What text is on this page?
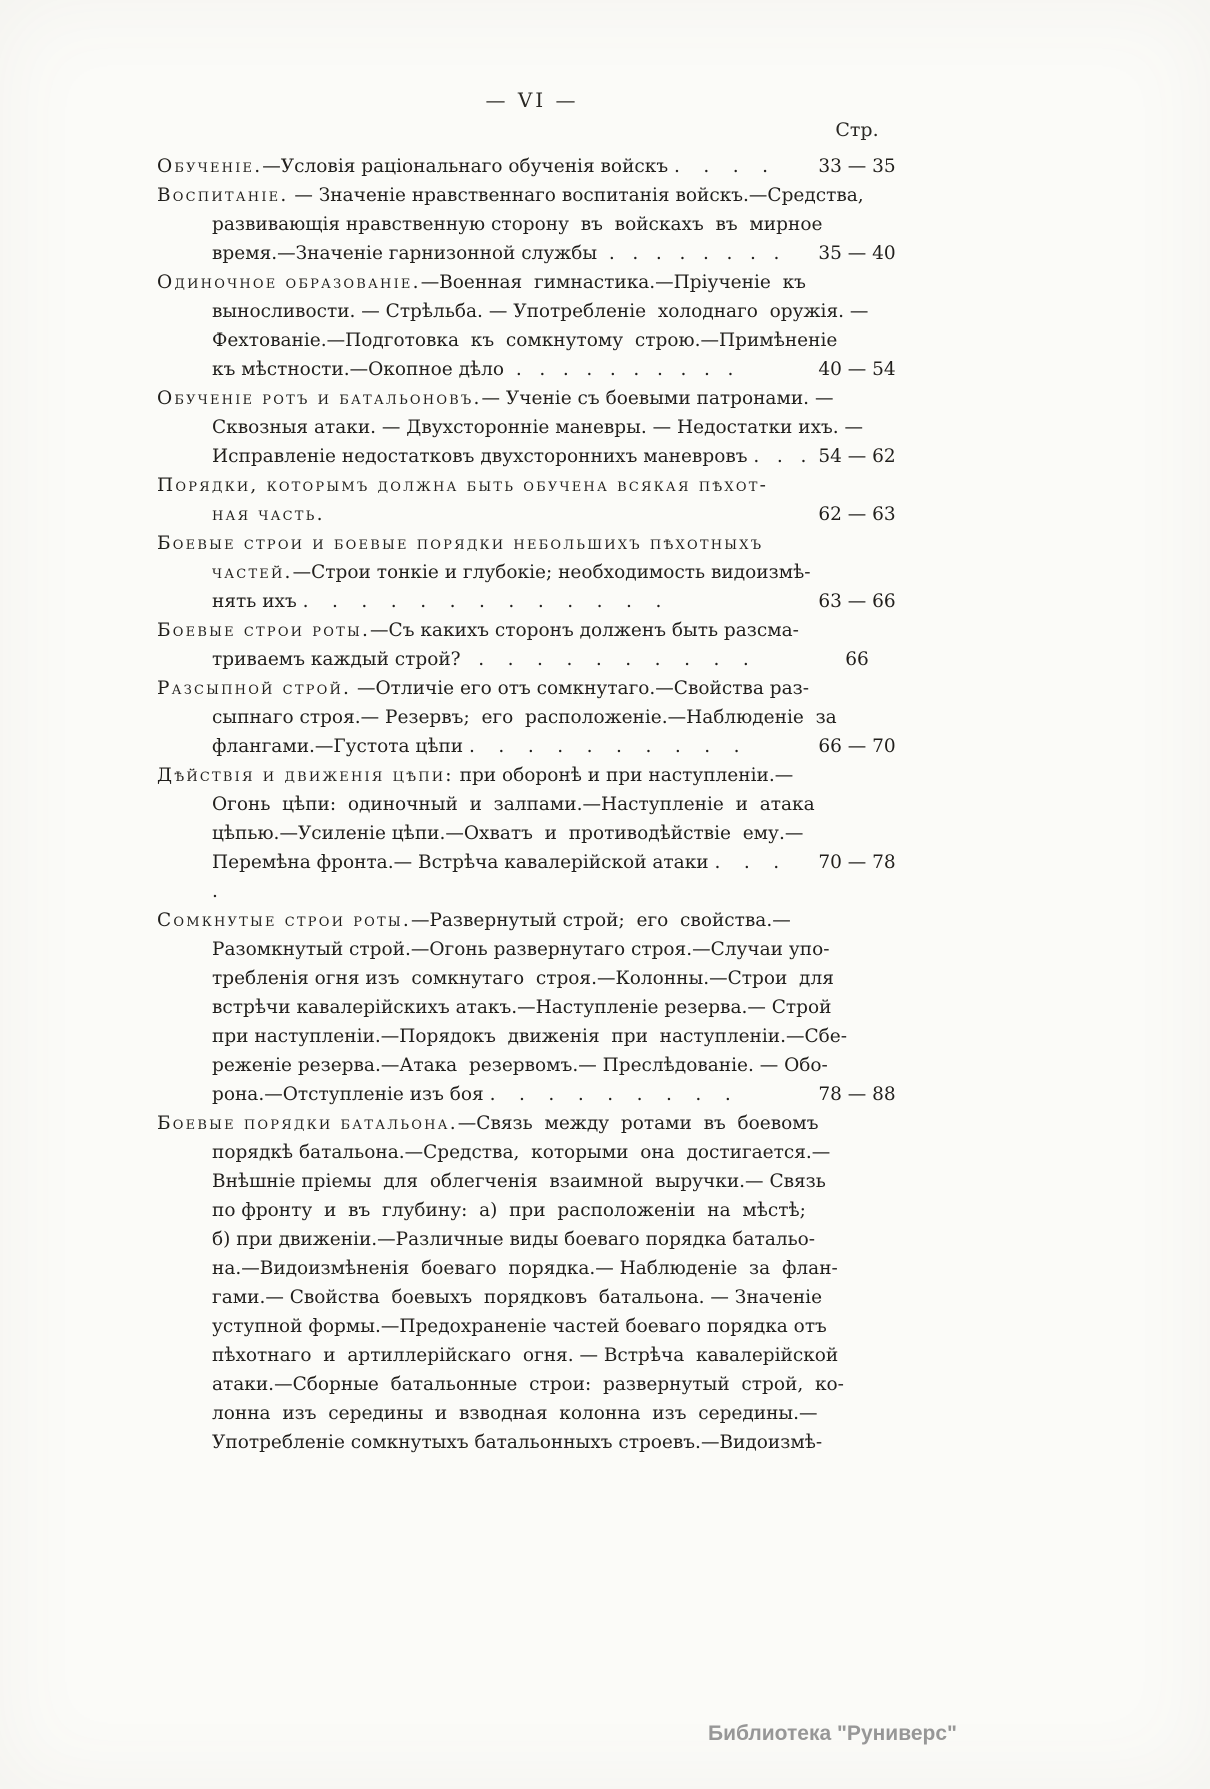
— VI —
Стр.
Обученіе.—Условія раціональнаго обученія войскъ .    .    .    .	33 — 35
Воспитаніе. — Значеніе нравственнаго воспитанія войскъ.—Средства,
развивающія нравственную сторону  въ  войскахъ  въ  мирное
время.—Значеніе гарнизонной службы  .   .   .   .   .   .   .   .	35 — 40
Одиночное образованіе.—Военная  гимнастика.—Пріученіе  къ
выносливости. — Стрѣльба. — Употребленіе  холоднаго  оружія. —
Фехтованіе.—Подготовка  къ  сомкнутому  строю.—Примѣненіе
къ мѣстности.—Окопное дѣло  .   .   .   .   .   .   .   .   .   .	40 — 54
Обученіе ротъ и батальоновъ.— Ученіе съ боевыми патронами. —
Сквозныя атаки. — Двухсторонніе маневры. — Недостатки ихъ. —
Исправленіе недостатковъ двухстороннихъ маневровъ .   .   . 54 — 62
Порядки, которымъ должна быть обучена всякая пѣхот-
ная часть.	62 — 63
Боевые строи и боевые порядки небольшихъ пѣхотныхъ
частей.—Строи тонкіе и глубокіе; необходимость видоизмѣ-
нять ихъ .    .    .    .    .    .    .    .    .    .    .    .    .	63 — 66
Боевые строи роты.—Съ какихъ сторонъ долженъ быть разсма-
триваемъ каждый строй?   .    .    .    .    .    .    .    .    .    .	66
Разсыпной строй. —Отличіе его отъ сомкнутаго.—Свойства раз-
сыпнаго строя.— Резервъ;  его  расположеніе.—Наблюденіе  за
флангами.—Густота цѣпи .    .    .    .    .    .    .    .    .    .	66 — 70
Дѣйствія и движенія цѣпи: при оборонѣ и при наступленіи.—
Огонь  цѣпи:  одиночный  и  залпами.—Наступленіе  и  атака
цѣпью.—Усиленіе цѣпи.—Охватъ  и  противодѣйствіе  ему.—
Перемѣна фронта.— Встрѣча кавалерійской атаки .    .    .    .
70 — 78
Сомкнутые строи роты.—Развернутый строй;  его  свойства.—
Разомкнутый строй.—Огонь развернутаго строя.—Случаи упо-
требленія огня изъ  сомкнутаго  строя.—Колонны.—Строи  для
встрѣчи кавалерійскихъ атакъ.—Наступленіе резерва.— Строй
при наступленіи.—Порядокъ  движенія  при  наступленіи.—Сбе-
реженіе резерва.—Атака  резервомъ.— Преслѣдованіе. — Обо-
рона.—Отступленіе изъ боя .    .    .    .    .    .    .    .    .	78 — 88
Боевые порядки батальона.—Связь  между  ротами  въ  боевомъ
порядкѣ батальона.—Средства,  которыми  она  достигается.—
Внѣшніе пріемы  для  облегченія  взаимной  выручки.— Связь
по фронту  и  въ  глубину:  а)  при  расположеніи  на  мѣстѣ;
б) при движеніи.—Различные виды боеваго порядка батальо-
на.—Видоизмѣненія  боеваго  порядка.— Наблюденіе  за  флан-
гами.— Свойства  боевыхъ  порядковъ  батальона. — Значеніе
уступной формы.—Предохраненіе частей боеваго порядка отъ
пѣхотнаго  и  артиллерійскаго  огня. — Встрѣча  кавалерійской
атаки.—Сборные  батальонные  строи:  развернутый  строй,  ко-
лонна  изъ  середины  и  взводная  колонна  изъ  середины.—
Употребленіе сомкнутыхъ батальонныхъ строевъ.—Видоизмѣ-
Библиотека "Руниверс"
